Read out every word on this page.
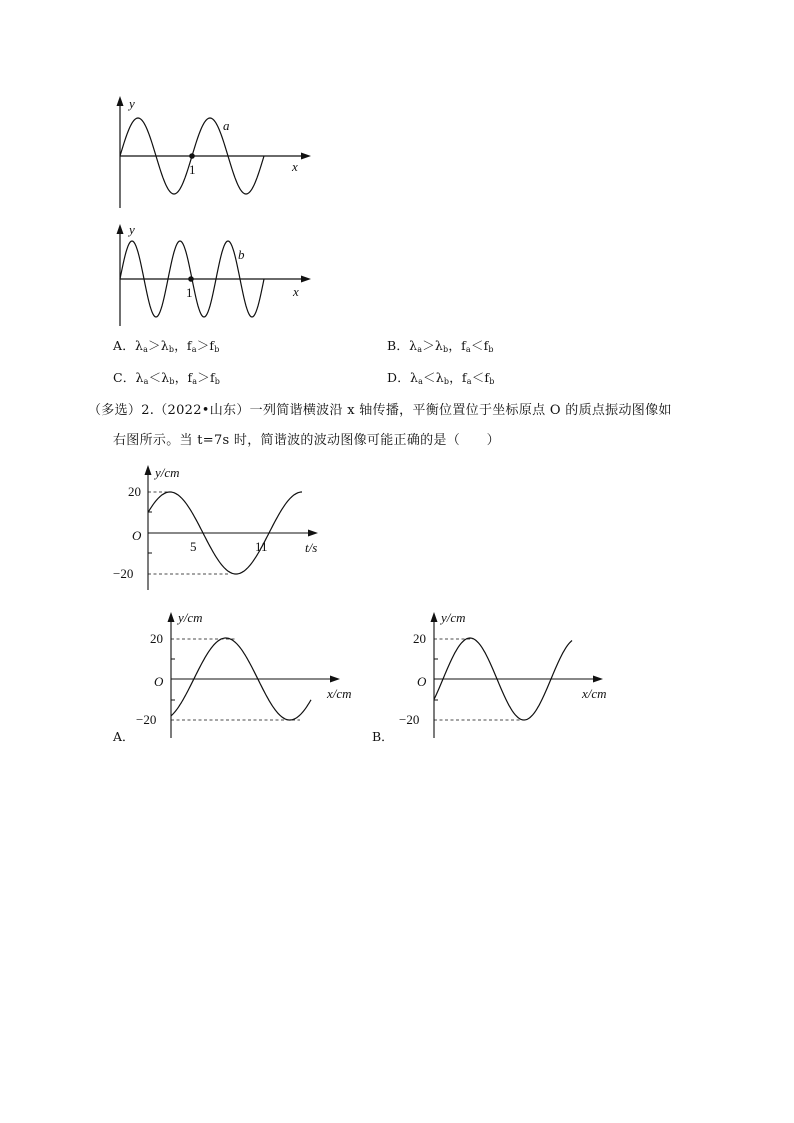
y
a
1	x
y
b
1	x
A．$\lambda_a>\lambda_b$，$f_a>f_b$	B．$\lambda_a>\lambda_b$，$f_a<f_b$
C．$\lambda_a<\lambda_b$，$f_a>f_b$	D．$\lambda_a<\lambda_b$，$f_a<f_b$
（多选）2.（2022•山东）一列简谐横波沿 x 轴传播，平衡位置位于坐标原点 O 的质点振动图像如
右图所示。当 t=7s 时，简谐波的波动图像可能正确的是（　　）
y/cm
20
O
5	11	t/s
−20
y/cm
20
O
x/cm
−20
A．
y/cm
20
O
x/cm
−20
B．
